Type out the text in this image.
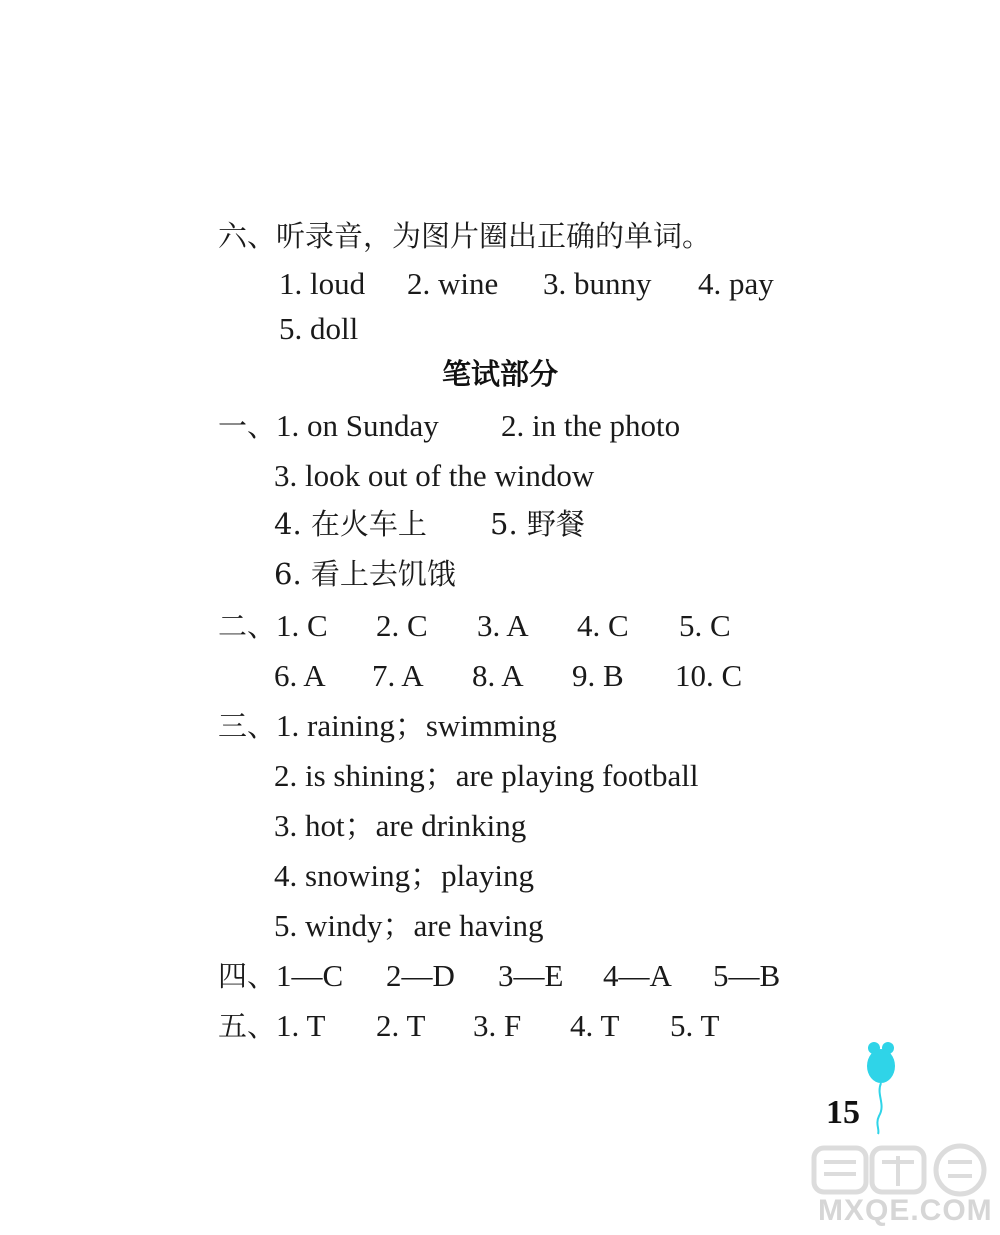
六、听录音，为图片圈出正确的单词。
1. loud 2. wine 3. bunny 4. pay
5. doll
笔试部分
一、1. on Sunday 2. in the photo
3. look out of the window
4. 在火车上 5. 野餐
6. 看上去饥饿
二、1. C 2. C 3. A 4. C 5. C
6. A 7. A 8. A 9. B 10. C
三、1. raining；swimming
2. is shining；are playing football
3. hot；are drinking
4. snowing；playing
5. windy；are having
四、1—C 2—D 3—E 4—A 5—B
五、1. T 2. T 3. F 4. T 5. T
15
MXQE.COM
